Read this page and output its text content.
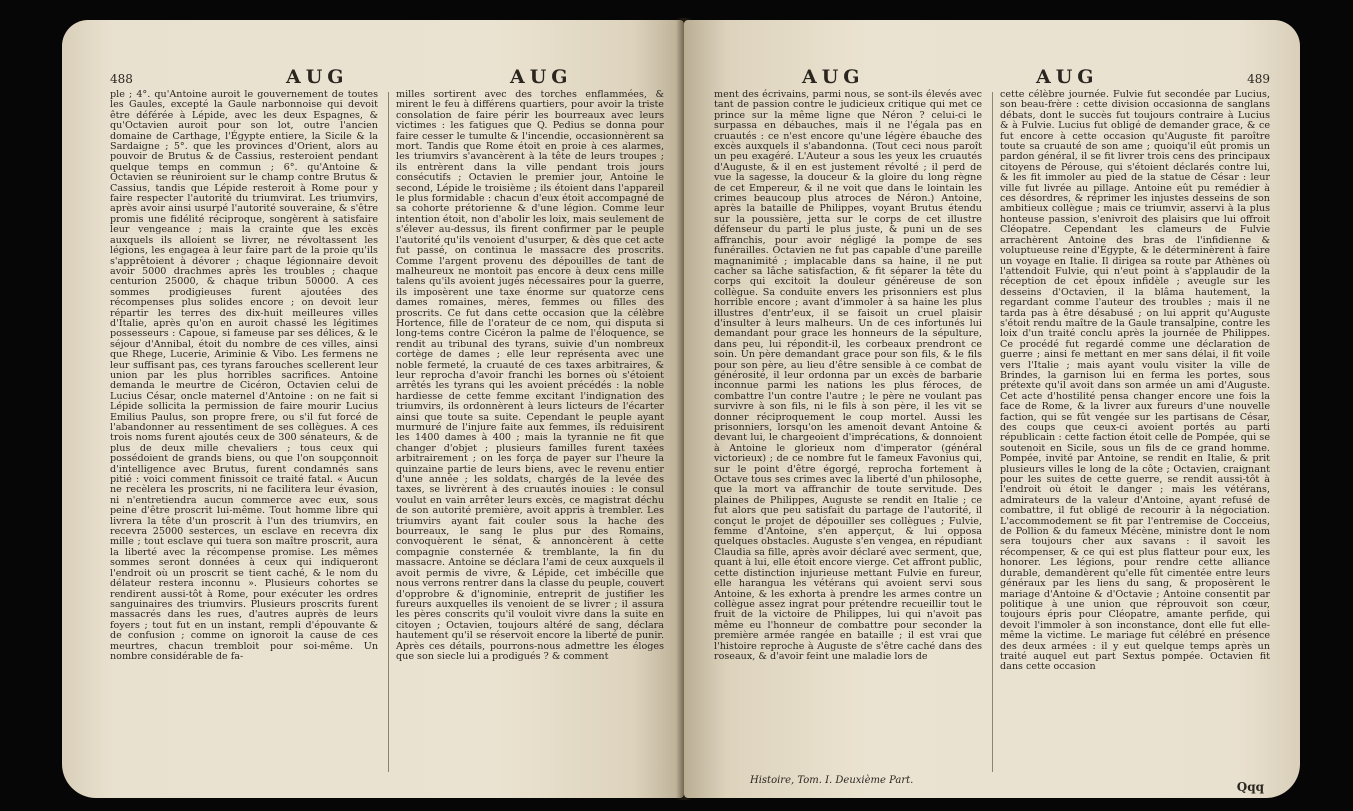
488	AUG	AUG
ple ; 4°. qu'Antoine auroit le gouvernement de toutes les Gaules, excepté la Gaule narbonnoise qui devoit être déférée à Lépide, avec les deux Espagnes, & qu'Octavien auroit pour son lot, outre l'ancien domaine de Carthage, l'Égypte entiere, la Sicile & la Sardaigne ; 5°. que les provinces d'Orient, alors au pouvoir de Brutus & de Cassius, resteroient pendant quelque temps en commun ; 6°. qu'Antoine & Octavien se réuniroient sur le champ contre Brutus & Cassius, tandis que Lépide resteroit à Rome pour y faire respecter l'autorité du triumvirat. Les triumvirs, après avoir ainsi usurpé l'autorité souveraine, & s'être promis une fidélité réciproque, songèrent à satisfaire leur vengeance ; mais la crainte que les excès auxquels ils alloient se livrer, ne révoltassent les légions, les engagea à leur faire part de la proie qu'ils s'apprêtoient à dévorer ; chaque légionnaire devoit avoir 5000 drachmes après les troubles ; chaque centurion 25000, & chaque tribun 50000. A ces sommes prodigieuses furent ajoutées des récompenses plus solides encore ; on devoit leur répartir les terres des dix-huit meilleures villes d'Italie, après qu'on en auroit chassé les légitimes possesseurs : Capoue, si fameuse par ses délices, & le séjour d'Annibal, étoit du nombre de ces villes, ainsi que Rhege, Lucerie, Ariminie & Vibo. Les fermens ne leur suffisant pas, ces tyrans farouches scellerent leur union par les plus horribles sacrifices. Antoine demanda le meurtre de Cicéron, Octavien celui de Lucius César, oncle maternel d'Antoine : on ne fait si Lépide sollicita la permission de faire mourir Lucius Emilius Paulus, son propre frere, ou s'il fut forcé de l'abandonner au ressentiment de ses collègues. A ces trois noms furent ajoutés ceux de 300 sénateurs, & de plus de deux mille chevaliers ; tous ceux qui possédoient de grands biens, ou que l'on soupçonnoit d'intelligence avec Brutus, furent condamnés sans pitié : voici comment finissoit ce traité fatal. « Aucun ne recèlera les proscrits, ni ne facilitera leur évasion, ni n'entretiendra aucun commerce avec eux, sous peine d'être proscrit lui-même. Tout homme libre qui livrera la tête d'un proscrit à l'un des triumvirs, en recevra 25000 sesterces, un esclave en recevra dix mille ; tout esclave qui tuera son maître proscrit, aura la liberté avec la récompense promise. Les mêmes sommes seront données à ceux qui indiqueront l'endroit où un proscrit se tient caché, & le nom du délateur restera inconnu ». Plusieurs cohortes se rendirent aussi-tôt à Rome, pour exécuter les ordres sanguinaires des triumvirs. Plusieurs proscrits furent massacrés dans les rues, d'autres auprès de leurs foyers ; tout fut en un instant, rempli d'épouvante & de confusion ; comme on ignoroit la cause de ces meurtres, chacun trembloit pour soi-même. Un nombre considérable de fa-
milles sortirent avec des torches enflammées, & mirent le feu à différens quartiers, pour avoir la triste consolation de faire périr les bourreaux avec leurs victimes : les fatigues que Q. Pedius se donna pour faire cesser le tumulte & l'incendie, occasionnèrent sa mort. Tandis que Rome étoit en proie à ces alarmes, les triumvirs s'avancèrent à la tête de leurs troupes ; ils entrèrent dans la ville pendant trois jours consécutifs ; Octavien le premier jour, Antoine le second, Lépide le troisième ; ils étoient dans l'appareil le plus formidable : chacun d'eux étoit accompagné de sa cohorte prétorienne & d'une légion. Comme leur intention étoit, non d'abolir les loix, mais seulement de s'élever au-dessus, ils firent confirmer par le peuple l'autorité qu'ils venoient d'usurper, & dès que cet acte fut passé, on continua le massacre des proscrits. Comme l'argent provenu des dépouilles de tant de malheureux ne montoit pas encore à deux cens mille talens qu'ils avoient jugés nécessaires pour la guerre, ils imposèrent une taxe énorme sur quatorze cens dames romaines, mères, femmes ou filles des proscrits. Ce fut dans cette occasion que la célèbre Hortence, fille de l'orateur de ce nom, qui disputa si long-tems contre Cicéron la palme de l'éloquence, se rendit au tribunal des tyrans, suivie d'un nombreux cortège de dames ; elle leur représenta avec une noble fermeté, la cruauté de ces taxes arbitraires, & leur reprocha d'avoir franchi les bornes où s'étoient arrêtés les tyrans qui les avoient précédés : la noble hardiesse de cette femme excitant l'indignation des triumvirs, ils ordonnèrent à leurs licteurs de l'écarter ainsi que toute sa suite. Cependant le peuple ayant murmuré de l'injure faite aux femmes, ils réduisirent les 1400 dames à 400 ; mais la tyrannie ne fit que changer d'objet ; plusieurs familles furent taxées arbitrairement ; on les força de payer sur l'heure la quinzaine partie de leurs biens, avec le revenu entier d'une année ; les soldats, chargés de la levée des taxes, se livrèrent à des cruautés inouies : le consul voulut en vain arrêter leurs excès, ce magistrat déchu de son autorité première, avoit appris à trembler. Les triumvirs ayant fait couler sous la hache des bourreaux, le sang le plus pur des Romains, convoquèrent le sénat, & annoncèrent à cette compagnie consternée & tremblante, la fin du massacre. Antoine se déclara l'ami de ceux auxquels il avoit permis de vivre, & Lépide, cet imbécille que nous verrons rentrer dans la classe du peuple, couvert d'opprobre & d'ignominie, entreprit de justifier les fureurs auxquelles ils venoient de se livrer ; il assura les pères conscrits qu'il vouloit vivre dans la suite en citoyen ; Octavien, toujours altéré de sang, déclara hautement qu'il se réservoit encore la liberté de punir. Après ces détails, pourrons-nous admettre les éloges que son siecle lui a prodigués ? & comment
AUG	AUG	489
ment des écrivains, parmi nous, se sont-ils élevés avec tant de passion contre le judicieux critique qui met ce prince sur la même ligne que Néron ? celui-ci le surpassa en débauches, mais il ne l'égala pas en cruautés : ce n'est encore qu'une légère ébauche des excès auxquels il s'abandonna. (Tout ceci nous paroît un peu exagéré. L'Auteur a sous les yeux les cruautés d'Auguste, & il en est justement révolté ; il perd de vue la sagesse, la douceur & la gloire du long règne de cet Empereur, & il ne voit que dans le lointain les crimes beaucoup plus atroces de Néron.) Antoine, après la bataille de Philippes, voyant Brutus étendu sur la poussière, jetta sur le corps de cet illustre défenseur du parti le plus juste, & puni un de ses affranchis, pour avoir négligé la pompe de ses funérailles. Octavien ne fut pas capable d'une pareille magnanimité ; implacable dans sa haine, il ne put cacher sa lâche satisfaction, & fit séparer la tête du corps qui excitoit la douleur généreuse de son collègue. Sa conduite envers les prisonniers est plus horrible encore ; avant d'immoler à sa haine les plus illustres d'entr'eux, il se faisoit un cruel plaisir d'insulter à leurs malheurs. Un de ces infortunés lui demandant pour grace les honneurs de la sépulture, dans peu, lui répondit-il, les corbeaux prendront ce soin. Un père demandant grace pour son fils, & le fils pour son père, au lieu d'être sensible à ce combat de générosité, il leur ordonna par un excès de barbarie inconnue parmi les nations les plus féroces, de combattre l'un contre l'autre ; le père ne voulant pas survivre à son fils, ni le fils à son père, il les vit se donner réciproquement le coup mortel. Aussi les prisonniers, lorsqu'on les amenoit devant Antoine & devant lui, le chargeoient d'imprécations, & donnoient à Antoine le glorieux nom d'imperator (général victorieux) ; de ce nombre fut le fameux Favonius qui, sur le point d'être égorgé, reprocha fortement à Octave tous ses crimes avec la liberté d'un philosophe, que la mort va affranchir de toute servitude. Des plaines de Philippes, Auguste se rendit en Italie ; ce fut alors que peu satisfait du partage de l'autorité, il conçut le projet de dépouiller ses collègues ; Fulvie, femme d'Antoine, s'en apperçut, & lui opposa quelques obstacles. Auguste s'en vengea, en répudiant Claudia sa fille, après avoir déclaré avec serment, que, quant à lui, elle étoit encore vierge. Cet affront public, cette distinction injurieuse mettant Fulvie en fureur, elle harangua les vétérans qui avoient servi sous Antoine, & les exhorta à prendre les armes contre un collègue assez ingrat pour prétendre recueillir tout le fruit de la victoire de Philippes, lui qui n'avoit pas même eu l'honneur de combattre pour seconder la première armée rangée en bataille ; il est vrai que l'histoire reproche à Auguste de s'être caché dans des roseaux, & d'avoir feint une maladie lors de
cette célèbre journée. Fulvie fut secondée par Lucius, son beau-frère : cette division occasionna de sanglans débats, dont le succès fut toujours contraire à Lucius & à Fulvie. Lucius fut obligé de demander grace, & ce fut encore à cette occasion qu'Auguste fit paroître toute sa cruauté de son ame ; quoiqu'il eût promis un pardon général, il se fit livrer trois cens des principaux citoyens de Pérouse, qui s'étoient déclarés contre lui, & les fit immoler au pied de la statue de César : leur ville fut livrée au pillage. Antoine eût pu remédier à ces désordres, & réprimer les injustes desseins de son ambitieux collègue ; mais ce triumvir, asservi à la plus honteuse passion, s'enivroit des plaisirs que lui offroit Cléopatre. Cependant les clameurs de Fulvie arrachèrent Antoine des bras de l'infidienne & voluptueuse reine d'Égypte, & le déterminèrent à faire un voyage en Italie. Il dirigea sa route par Athènes où l'attendoit Fulvie, qui n'eut point à s'applaudir de la réception de cet époux infidèle ; aveugle sur les desseins d'Octavien, il la blâma hautement, la regardant comme l'auteur des troubles ; mais il ne tarda pas à être désabusé ; on lui apprit qu'Auguste s'étoit rendu maître de la Gaule transalpine, contre les loix d'un traité conclu après la journée de Philippes. Ce procédé fut regardé comme une déclaration de guerre ; ainsi fe mettant en mer sans délai, il fit voile vers l'Italie ; mais ayant voulu visiter la ville de Brindes, la garnison lui en ferma les portes, sous prétexte qu'il avoit dans son armée un ami d'Auguste. Cet acte d'hostilité pensa changer encore une fois la face de Rome, & la livrer aux fureurs d'une nouvelle faction, qui se fût vengée sur les partisans de César, des coups que ceux-ci avoient portés au parti républicain : cette faction étoit celle de Pompée, qui se soutenoit en Sicile, sous un fils de ce grand homme. Pompée, invité par Antoine, se rendit en Italie, & prit plusieurs villes le long de la côte ; Octavien, craignant pour les suites de cette guerre, se rendit aussi-tôt à l'endroit où étoit le danger ; mais les vétérans, admirateurs de la valeur d'Antoine, ayant refusé de combattre, il fut obligé de recourir à la négociation. L'accommodement se fit par l'entremise de Cocceius, de Pollion & du fameux Mécène, ministre dont le nom sera toujours cher aux savans : il savoit les récompenser, & ce qui est plus flatteur pour eux, les honorer. Les légions, pour rendre cette alliance durable, demandèrent qu'elle fût cimentée entre leurs généraux par les liens du sang, & proposèrent le mariage d'Antoine & d'Octavie ; Antoine consentit par politique à une union que réprouvoit son cœur, toujours épris pour Cléopatre, amante perfide, qui devoit l'immoler à son inconstance, dont elle fut elle-même la victime. Le mariage fut célébré en présence des deux armées : il y eut quelque temps après un traité auquel eut part Sextus pompée. Octavien fit dans cette occasion
Histoire, Tom. I. Deuxième Part.	Qqq
